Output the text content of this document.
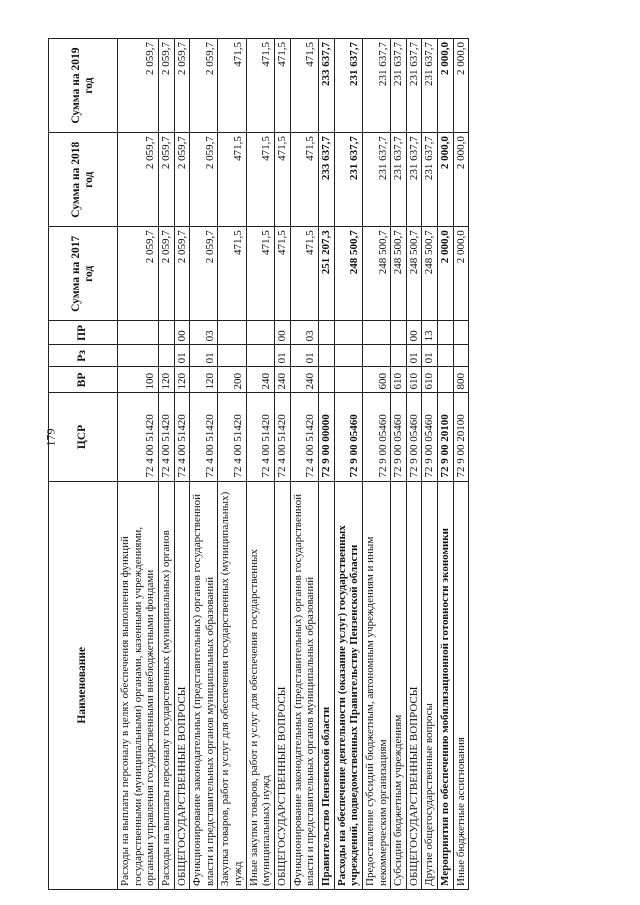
179
Наименование	ЦСР	ВР	Рз	ПР	Сумма на 2017 год	Сумма на 2018 год	Сумма на 2019 год
Расходы на выплаты персоналу в целях обеспечения выполнения функций государственными (муниципальными) органами, казенными учреждениями, органами управления государственными внебюджетными фондами	72 4 00 51420	100			2 059,7	2 059,7	2 059,7
Расходы на выплаты персоналу государственных (муниципальных) органов	72 4 00 51420	120			2 059,7	2 059,7	2 059,7
ОБЩЕГОСУДАРСТВЕННЫЕ ВОПРОСЫ	72 4 00 51420	120	01	00	2 059,7	2 059,7	2 059,7
Функционирование законодательных (представительных) органов государственной власти и представительных органов муниципальных образований	72 4 00 51420	120	01	03	2 059,7	2 059,7	2 059,7
Закупка товаров, работ и услуг для обеспечения государственных (муниципальных) нужд	72 4 00 51420	200			471,5	471,5	471,5
Иные закупки товаров, работ и услуг для обеспечения государственных (муниципальных) нужд	72 4 00 51420	240			471,5	471,5	471,5
ОБЩЕГОСУДАРСТВЕННЫЕ ВОПРОСЫ	72 4 00 51420	240	01	00	471,5	471,5	471,5
Функционирование законодательных (представительных) органов государственной власти и представительных органов муниципальных образований	72 4 00 51420	240	01	03	471,5	471,5	471,5
Правительство Пензенской области	72 9 00 00000				251 207,3	233 637,7	233 637,7
Расходы на обеспечение деятельности (оказание услуг) государственных учреждений, подведомственных Правительству Пензенской области	72 9 00 05460				248 500,7	231 637,7	231 637,7
Предоставление субсидий бюджетным, автономным учреждениям и иным некоммерческим организациям	72 9 00 05460	600			248 500,7	231 637,7	231 637,7
Субсидии бюджетным учреждениям	72 9 00 05460	610			248 500,7	231 637,7	231 637,7
ОБЩЕГОСУДАРСТВЕННЫЕ ВОПРОСЫ	72 9 00 05460	610	01	00	248 500,7	231 637,7	231 637,7
Другие общегосударственные вопросы	72 9 00 05460	610	01	13	248 500,7	231 637,7	231 637,7
Мероприятия по обеспечению мобилизационной готовности экономики	72 9 00 20100				2 000,0	2 000,0	2 000,0
Иные бюджетные ассигнования	72 9 00 20100	800			2 000,0	2 000,0	2 000,0
